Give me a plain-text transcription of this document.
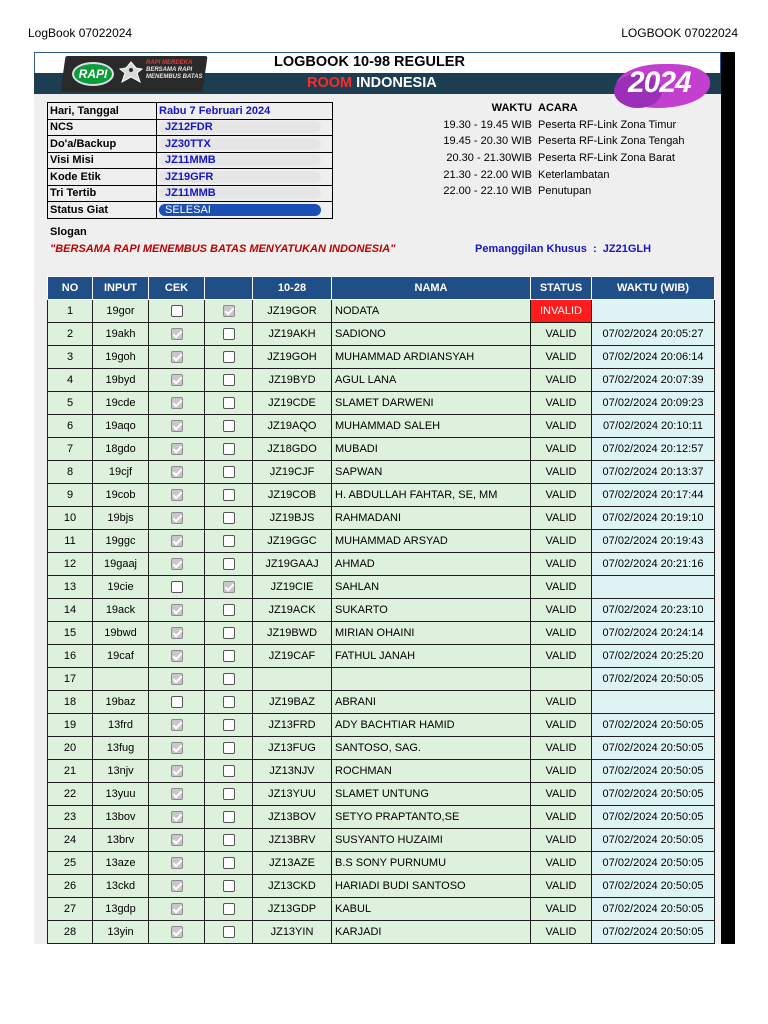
LogBook 07022024	LOGBOOK 07022024
RAPI
RAPI MERDEKA
BERSAMA RAPI MENEMBUS BATAS
LOGBOOK 10-98 REGULER
ROOM INDONESIA	2024
Hari, Tanggal	Rabu 7 Februari 2024
NCS	JZ12FDR
Do'a/Backup	JZ30TTX
Visi Misi	JZ11MMB
Kode Etik	JZ19GFR
Tri Tertib	JZ11MMB
Status Giat	SELESAI
WAKTU ACARA
19.30 - 19.45 WIB Peserta RF-Link Zona Timur
19.45 - 20.30 WIB Peserta RF-Link Zona Tengah
20.30 - 21.30WIB Peserta RF-Link Zona Barat
21.30 - 22.00 WIB Keterlambatan
22.00 - 22.10 WIB Penutupan
Slogan
"BERSAMA RAPI MENEMBUS BATAS MENYATUKAN INDONESIA"	Pemanggilan Khusus : JZ21GLH
NO	INPUT	CEK		10-28	NAMA	STATUS	WAKTU (WIB)
1	19gor			JZ19GOR	NODATA	INVALID	
2	19akh			JZ19AKH	SADIONO	VALID	07/02/2024 20:05:27
3	19goh			JZ19GOH	MUHAMMAD ARDIANSYAH	VALID	07/02/2024 20:06:14
4	19byd			JZ19BYD	AGUL LANA	VALID	07/02/2024 20:07:39
5	19cde			JZ19CDE	SLAMET DARWENI	VALID	07/02/2024 20:09:23
6	19aqo			JZ19AQO	MUHAMMAD SALEH	VALID	07/02/2024 20:10:11
7	18gdo			JZ18GDO	MUBADI	VALID	07/02/2024 20:12:57
8	19cjf			JZ19CJF	SAPWAN	VALID	07/02/2024 20:13:37
9	19cob			JZ19COB	H. ABDULLAH FAHTAR, SE, MM	VALID	07/02/2024 20:17:44
10	19bjs			JZ19BJS	RAHMADANI	VALID	07/02/2024 20:19:10
11	19ggc			JZ19GGC	MUHAMMAD ARSYAD	VALID	07/02/2024 20:19:43
12	19gaaj			JZ19GAAJ	AHMAD	VALID	07/02/2024 20:21:16
13	19cie			JZ19CIE	SAHLAN	VALID	
14	19ack			JZ19ACK	SUKARTO	VALID	07/02/2024 20:23:10
15	19bwd			JZ19BWD	MIRIAN OHAINI	VALID	07/02/2024 20:24:14
16	19caf			JZ19CAF	FATHUL JANAH	VALID	07/02/2024 20:25:20
17							07/02/2024 20:50:05
18	19baz			JZ19BAZ	ABRANI	VALID	
19	13frd			JZ13FRD	ADY BACHTIAR HAMID	VALID	07/02/2024 20:50:05
20	13fug			JZ13FUG	SANTOSO, SAG.	VALID	07/02/2024 20:50:05
21	13njv			JZ13NJV	ROCHMAN	VALID	07/02/2024 20:50:05
22	13yuu			JZ13YUU	SLAMET UNTUNG	VALID	07/02/2024 20:50:05
23	13bov			JZ13BOV	SETYO PRAPTANTO,SE	VALID	07/02/2024 20:50:05
24	13brv			JZ13BRV	SUSYANTO HUZAIMI	VALID	07/02/2024 20:50:05
25	13aze			JZ13AZE	B.S SONY PURNUMU	VALID	07/02/2024 20:50:05
26	13ckd			JZ13CKD	HARIADI BUDI SANTOSO	VALID	07/02/2024 20:50:05
27	13gdp			JZ13GDP	KABUL	VALID	07/02/2024 20:50:05
28	13yin			JZ13YIN	KARJADI	VALID	07/02/2024 20:50:05
